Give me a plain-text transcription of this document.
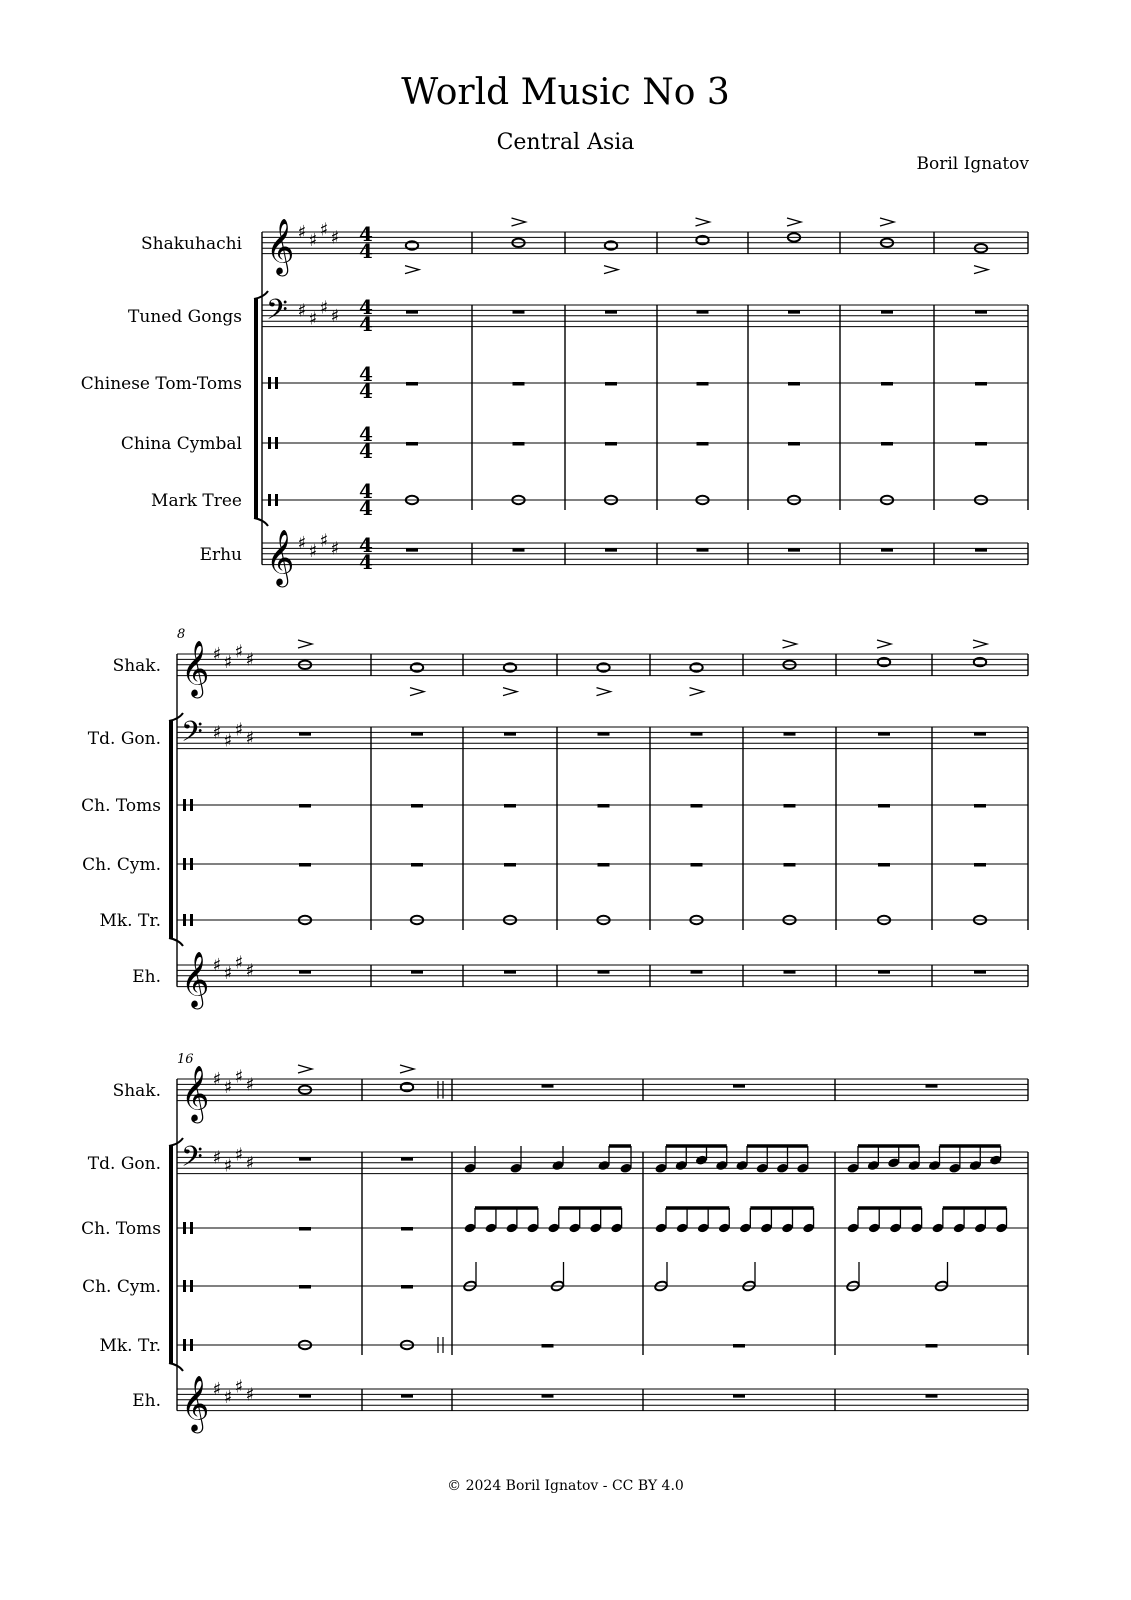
World Music No 3
Central Asia
Boril Ignatov
Shakuhachi
Tuned Gongs
Chinese Tom-Toms
China Cymbal
Mark Tree
Erhu
𝄞 ♯ ♯
♯ ♯ 4
4
𝄢 ♯ ♯
♯ ♯ 4
4
4
4
4
4
4
4
𝄞 ♯ ♯
♯ ♯ 4
4
Shak.
Td. Gon.
Ch. Toms
Ch. Cym.
Mk. Tr.
Eh.
𝄞 ♯ ♯
♯ ♯
𝄢 ♯ ♯
♯ ♯
𝄞 ♯ ♯
♯ ♯
8
Shak.
Td. Gon.
Ch. Toms
Ch. Cym.
Mk. Tr.
Eh.
𝄞 ♯ ♯
♯ ♯
𝄢 ♯ ♯
♯ ♯
𝄞 ♯ ♯
♯ ♯
16
© 2024 Boril Ignatov - CC BY 4.0
